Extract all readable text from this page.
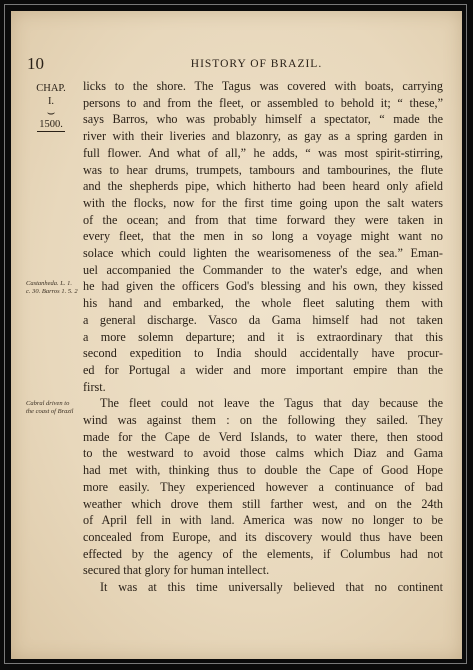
10	HISTORY OF BRAZIL.
CHAP.
I.
⌣
1500.
Castanheda. L. 1. c. 30. Barros 1. 5. 2
Cabral driven to the coast of Brazil

licks to the shore. The Tagus was covered with boats, carrying
persons to and from the fleet, or assembled to behold it; “ these,”
says Barros, who was probably himself a spectator, “ made the
river with their liveries and blazonry, as gay as a spring garden in
full flower. And what of all,” he adds, “ was most spirit-stirring,
was to hear drums, trumpets, tambours and tambourines, the flute
and the shepherds pipe, which hitherto had been heard only afield
with the flocks, now for the first time going upon the salt waters
of the ocean; and from that time forward they were taken in
every fleet, that the men in so long a voyage might want no
solace which could lighten the wearisomeness of the sea.” Eman-
uel accompanied the Commander to the water's edge, and when
he had given the officers God's blessing and his own, they kissed
his hand and embarked, the whole fleet saluting them with
a general discharge. Vasco da Gama himself had not taken
a more solemn departure; and it is extraordinary that this
second expedition to India should accidentally have procur-
ed for Portugal a wider and more important empire than the
first.

The fleet could not leave the Tagus that day because the
wind was against them : on the following they sailed. They
made for the Cape de Verd Islands, to water there, then stood
to the westward to avoid those calms which Diaz and Gama
had met with, thinking thus to double the Cape of Good Hope
more easily. They experienced however a continuance of bad
weather which drove them still farther west, and on the 24th
of April fell in with land. America was now no longer to be
concealed from Europe, and its discovery would thus have been
effected by the agency of the elements, if Columbus had not
secured that glory for human intellect.

It was at this time universally believed that no continent
